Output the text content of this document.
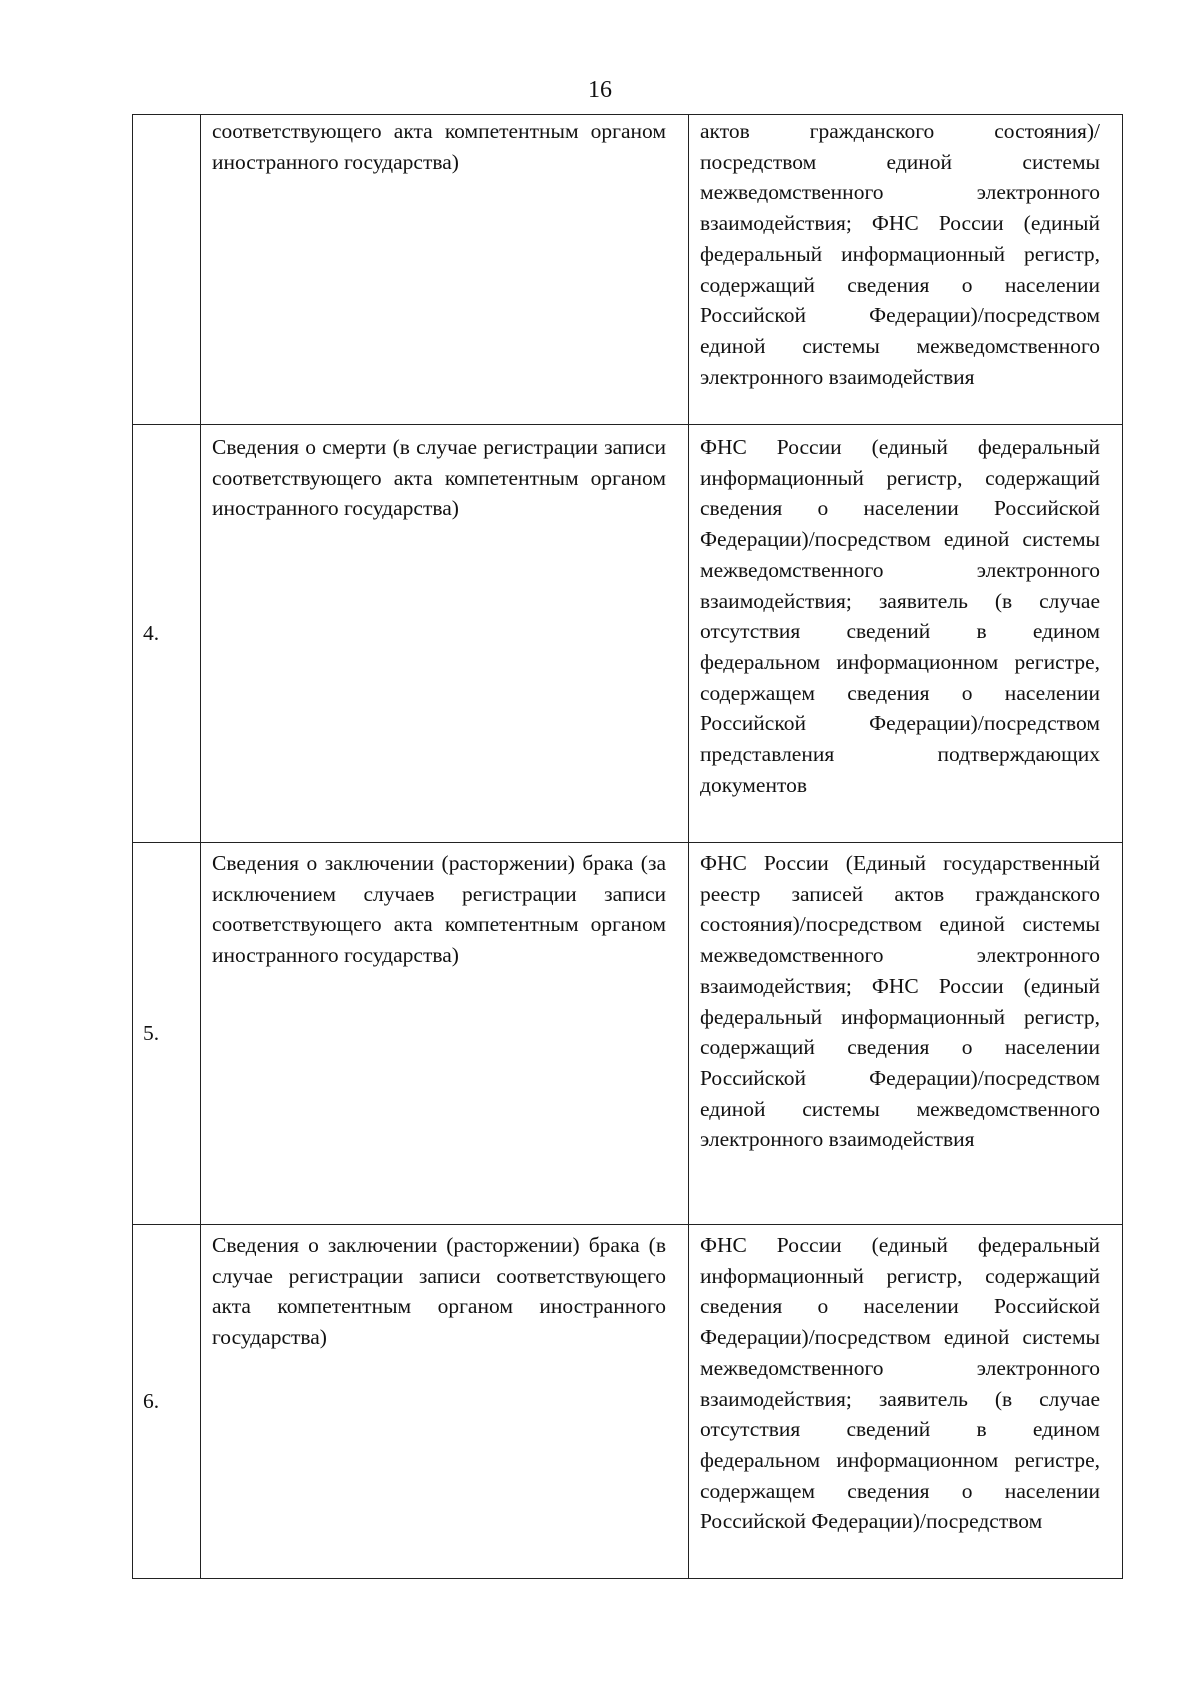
16
	соответствующего акта компетентным органом иностранного государства)	актов гражданского состояния)/посредством единой системы межведомственного электронного взаимодействия; ФНС России (единый федеральный информационный регистр, содержащий сведения о населении Российской Федерации)/посредством единой системы межведомственного электронного взаимодействия
4.	Сведения о смерти (в случае регистрации записи соответствующего акта компетентным органом иностранного государства)	ФНС России (единый федеральный информационный регистр, содержащий сведения о населении Российской Федерации)/посредством единой системы межведомственного электронного взаимодействия; заявитель (в случае отсутствия сведений в едином федеральном информационном регистре, содержащем сведения о населении Российской Федерации)/посредством представления подтверждающих документов
5.	Сведения о заключении (расторжении) брака (за исключением случаев регистрации записи соответствующего акта компетентным органом иностранного государства)	ФНС России (Единый государственный реестр записей актов гражданского состояния)/посредством единой системы межведомственного электронного взаимодействия; ФНС России (единый федеральный информационный регистр, содержащий сведения о населении Российской Федерации)/посредством единой системы межведомственного электронного взаимодействия
6.	Сведения о заключении (расторжении) брака (в случае регистрации записи соответствующего акта компетентным органом иностранного государства)	ФНС России (единый федеральный информационный регистр, содержащий сведения о населении Российской Федерации)/посредством единой системы межведомственного электронного взаимодействия; заявитель (в случае отсутствия сведений в едином федеральном информационном регистре, содержащем сведения о населении Российской Федерации)/посредством
